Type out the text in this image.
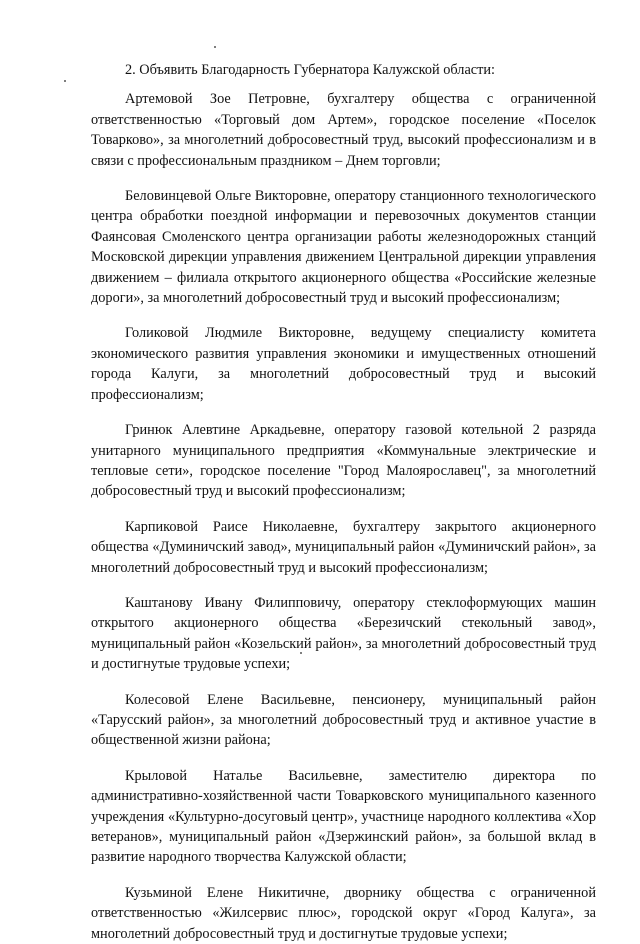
2. Объявить Благодарность Губернатора Калужской области:

Артемовой Зое Петровне, бухгалтеру общества с ограниченной ответственностью «Торговый дом Артем», городское поселение «Поселок Товарково», за многолетний добросовестный труд, высокий профессионализм и в связи с профессиональным праздником – Днем торговли;

Беловинцевой Ольге Викторовне, оператору станционного технологического центра обработки поездной информации и перевозочных документов станции Фаянсовая Смоленского центра организации работы железнодорожных станций Московской дирекции управления движением Центральной дирекции управления движением – филиала открытого акционерного общества «Российские железные дороги», за многолетний добросовестный труд и высокий профессионализм;

Голиковой Людмиле Викторовне, ведущему специалисту комитета экономического развития управления экономики и имущественных отношений города Калуги, за многолетний добросовестный труд и высокий профессионализм;

Гринюк Алевтине Аркадьевне, оператору газовой котельной 2 разряда унитарного муниципального предприятия «Коммунальные электрические и тепловые сети», городское поселение "Город Малоярославец", за многолетний добросовестный труд и высокий профессионализм;

Карпиковой Раисе Николаевне, бухгалтеру закрытого акционерного общества «Думиничский завод», муниципальный район «Думиничский район», за многолетний добросовестный труд и высокий профессионализм;

Каштанову Ивану Филипповичу, оператору стеклоформующих машин открытого акционерного общества «Березичский стекольный завод», муниципальный район «Козельский район», за многолетний добросовестный труд и достигнутые трудовые успехи;

Колесовой Елене Васильевне, пенсионеру, муниципальный район «Тарусский район», за многолетний добросовестный труд и активное участие в общественной жизни района;

Крыловой Наталье Васильевне, заместителю директора по административно-хозяйственной части Товарковского муниципального казенного учреждения «Культурно-досуговый центр», участнице народного коллектива «Хор ветеранов», муниципальный район «Дзержинский район», за большой вклад в развитие народного творчества Калужской области;

Кузьминой Елене Никитичне, дворнику общества с ограниченной ответственностью «Жилсервис плюс», городской округ «Город Калуга», за многолетний добросовестный труд и достигнутые трудовые успехи;
